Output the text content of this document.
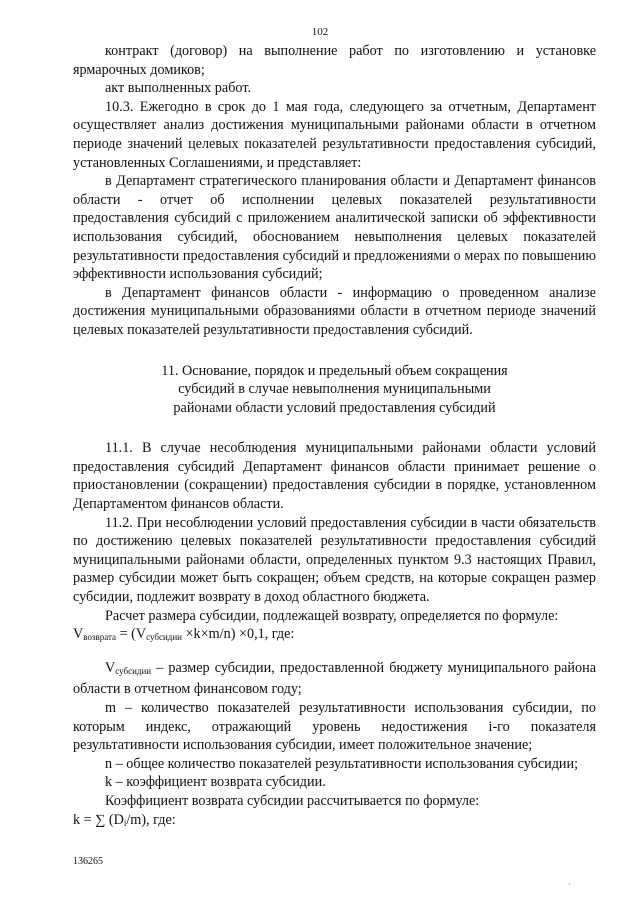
102

контракт (договор) на выполнение работ по изготовлению и установке ярмарочных домиков;

акт выполненных работ.

10.3. Ежегодно в срок до 1 мая года, следующего за отчетным, Департамент осуществляет анализ достижения муниципальными районами области в отчетном периоде значений целевых показателей результативности предоставления субсидий, установленных Соглашениями, и представляет:

в Департамент стратегического планирования области и Департамент финансов области - отчет об исполнении целевых показателей результативности предоставления субсидий с приложением аналитической записки об эффективности использования субсидий, обоснованием невыполнения целевых показателей результативности предоставления субсидий и предложениями о мерах по повышению эффективности использования субсидий;

в Департамент финансов области - информацию о проведенном анализе достижения муниципальными образованиями области в отчетном периоде значений целевых показателей результативности предоставления субсидий.

11. Основание, порядок и предельный объем сокращения
субсидий в случае невыполнения муниципальными
районами области условий предоставления субсидий

11.1. В случае несоблюдения муниципальными районами области условий предоставления субсидий Департамент финансов области принимает решение о приостановлении (сокращении) предоставления субсидии в порядке, установленном Департаментом финансов области.

11.2. При несоблюдении условий предоставления субсидии в части обязательств по достижению целевых показателей результативности предоставления субсидий муниципальными районами области, определенных пунктом 9.3 настоящих Правил, размер субсидии может быть сокращен; объем средств, на которые сокращен размер субсидии, подлежит возврату в доход областного бюджета.

Расчет размера субсидии, подлежащей возврату, определяется по формуле:

$V_{возврата} = (V_{субсидии} \times k\times m/n) \times 0,1$, где:

$V_{субсидии}$ – размер субсидии, предоставленной бюджету муниципального района области в отчетном финансовом году;

m – количество показателей результативности использования субсидии, по которым индекс, отражающий уровень недостижения i-го показателя результативности использования субсидии, имеет положительное значение;

n – общее количество показателей результативности использования субсидии;

k – коэффициент возврата субсидии.

Коэффициент возврата субсидии рассчитывается по формуле:

k = ∑ $(D_i/m)$, где:

136265
·
